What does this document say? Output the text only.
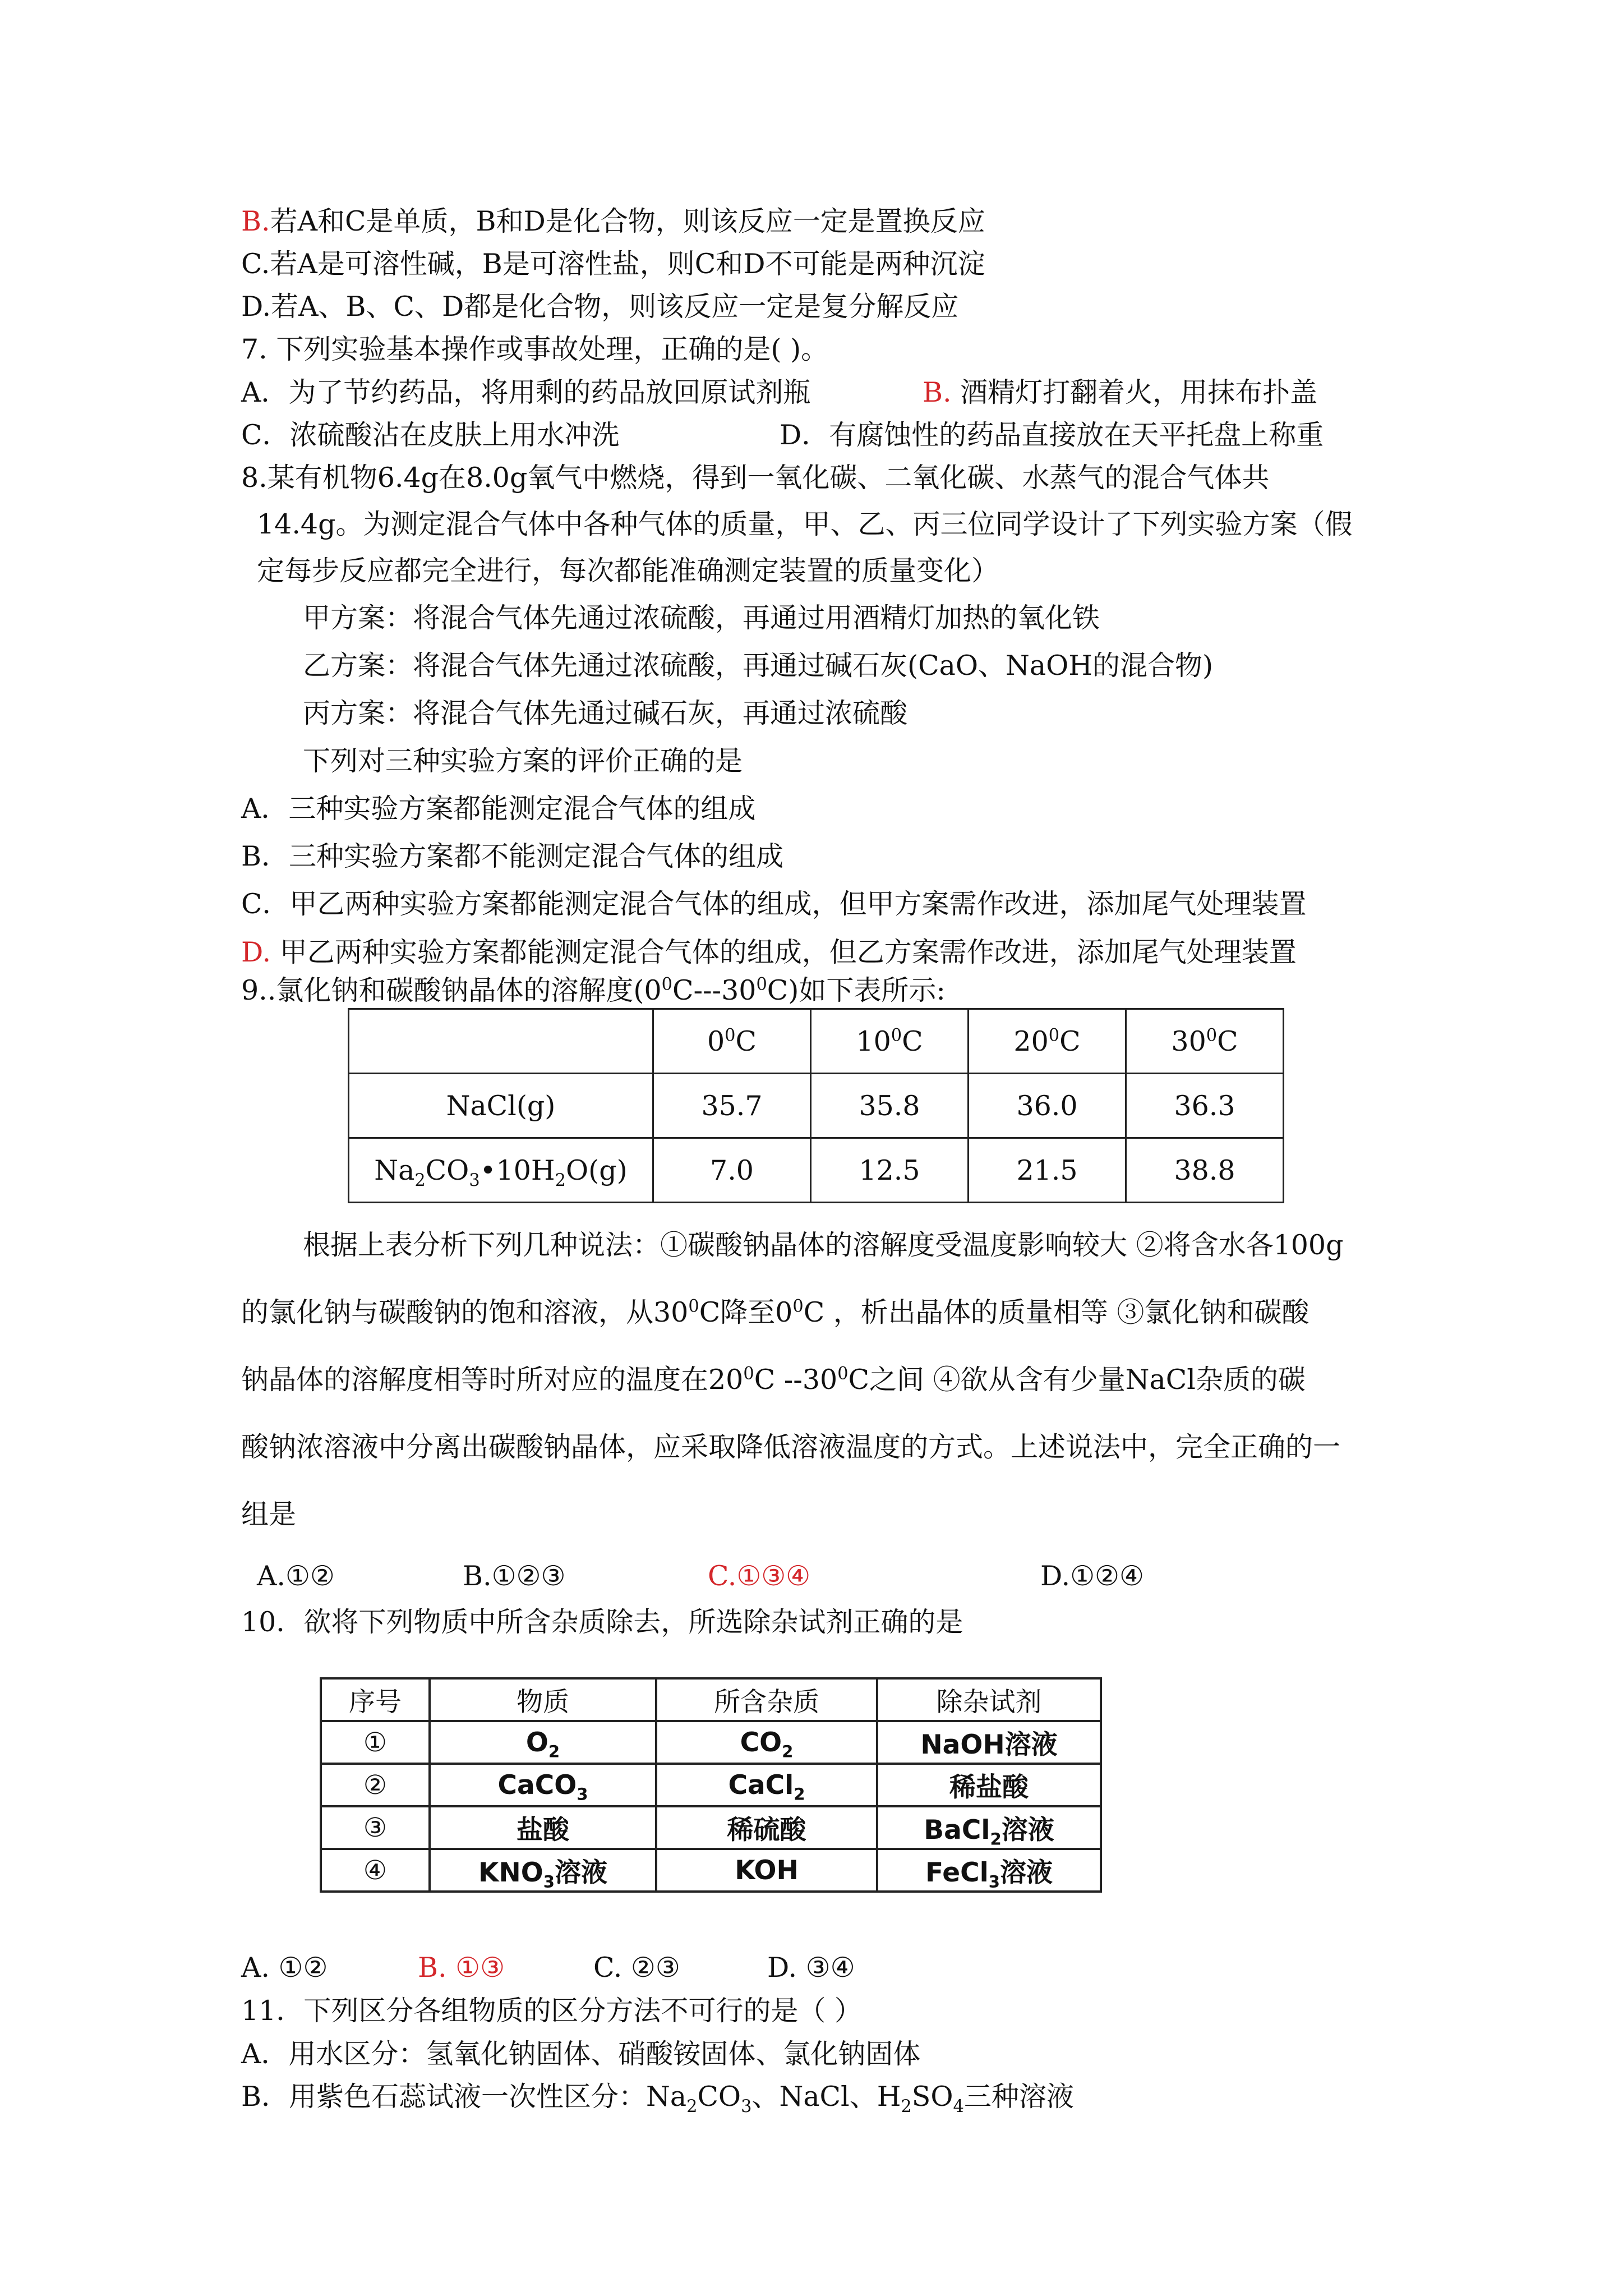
B.若A和C是单质，B和D是化合物，则该反应一定是置换反应
C.若A是可溶性碱，B是可溶性盐，则C和D不可能是两种沉淀
D.若A、B、C、D都是化合物，则该反应一定是复分解反应
7. 下列实验基本操作或事故处理，正确的是( )。
A．为了节约药品，将用剩的药品放回原试剂瓶	B. 酒精灯打翻着火，用抹布扑盖
C．浓硫酸沾在皮肤上用水冲洗	D．有腐蚀性的药品直接放在天平托盘上称重
8.某有机物6.4g在8.0g氧气中燃烧，得到一氧化碳、二氧化碳、水蒸气的混合气体共
14.4g。为测定混合气体中各种气体的质量，甲、乙、丙三位同学设计了下列实验方案（假
定每步反应都完全进行，每次都能准确测定装置的质量变化）
甲方案：将混合气体先通过浓硫酸，再通过用酒精灯加热的氧化铁
乙方案：将混合气体先通过浓硫酸，再通过碱石灰(CaO、NaOH的混合物)
丙方案：将混合气体先通过碱石灰，再通过浓硫酸
下列对三种实验方案的评价正确的是
A．三种实验方案都能测定混合气体的组成
B．三种实验方案都不能测定混合气体的组成
C．甲乙两种实验方案都能测定混合气体的组成，但甲方案需作改进，添加尾气处理装置
D. 甲乙两种实验方案都能测定混合气体的组成，但乙方案需作改进，添加尾气处理装置
9..氯化钠和碳酸钠晶体的溶解度$(0^0C---30^0C)$如下表所示:
	$0^0C$	$10^0C$	$20^0C$	$30^0C$
NaCl(g)	35.7	35.8	36.0	36.3
$Na_2CO_3•10H_2O(g)$	7.0	12.5	21.5	38.8
根据上表分析下列几种说法：①碳酸钠晶体的溶解度受温度影响较大 ②将含水各100g
的氯化钠与碳酸钠的饱和溶液，从$30^0C$降至$0^0C$ ，析出晶体的质量相等 ③氯化钠和碳酸
钠晶体的溶解度相等时所对应的温度在$20^0C$ $--30^0C$之间 ④欲从含有少量NaCl杂质的碳
酸钠浓溶液中分离出碳酸钠晶体，应采取降低溶液温度的方式。上述说法中，完全正确的一
组是
A.①②	B.①②③	C.①③④	D.①②④
10．欲将下列物质中所含杂质除去，所选除杂试剂正确的是
序号	物质	所含杂质	除杂试剂
①	$O_2$	$CO_2$	NaOH溶液
②	CaCO$_3$	CaCl$_2$	稀盐酸
③	盐酸	稀硫酸	BaCl$_2$溶液
④	$KNO_3$溶液	KOH	FeCl$_3$溶液
A. ①②	B. ①③	C. ②③	D. ③④
11．下列区分各组物质的区分方法不可行的是（ ）
A．用水区分：氢氧化钠固体、硝酸铵固体、氯化钠固体
B．用紫色石蕊试液一次性区分：$Na_2CO_3$、NaCl、$H_2SO_4$三种溶液
